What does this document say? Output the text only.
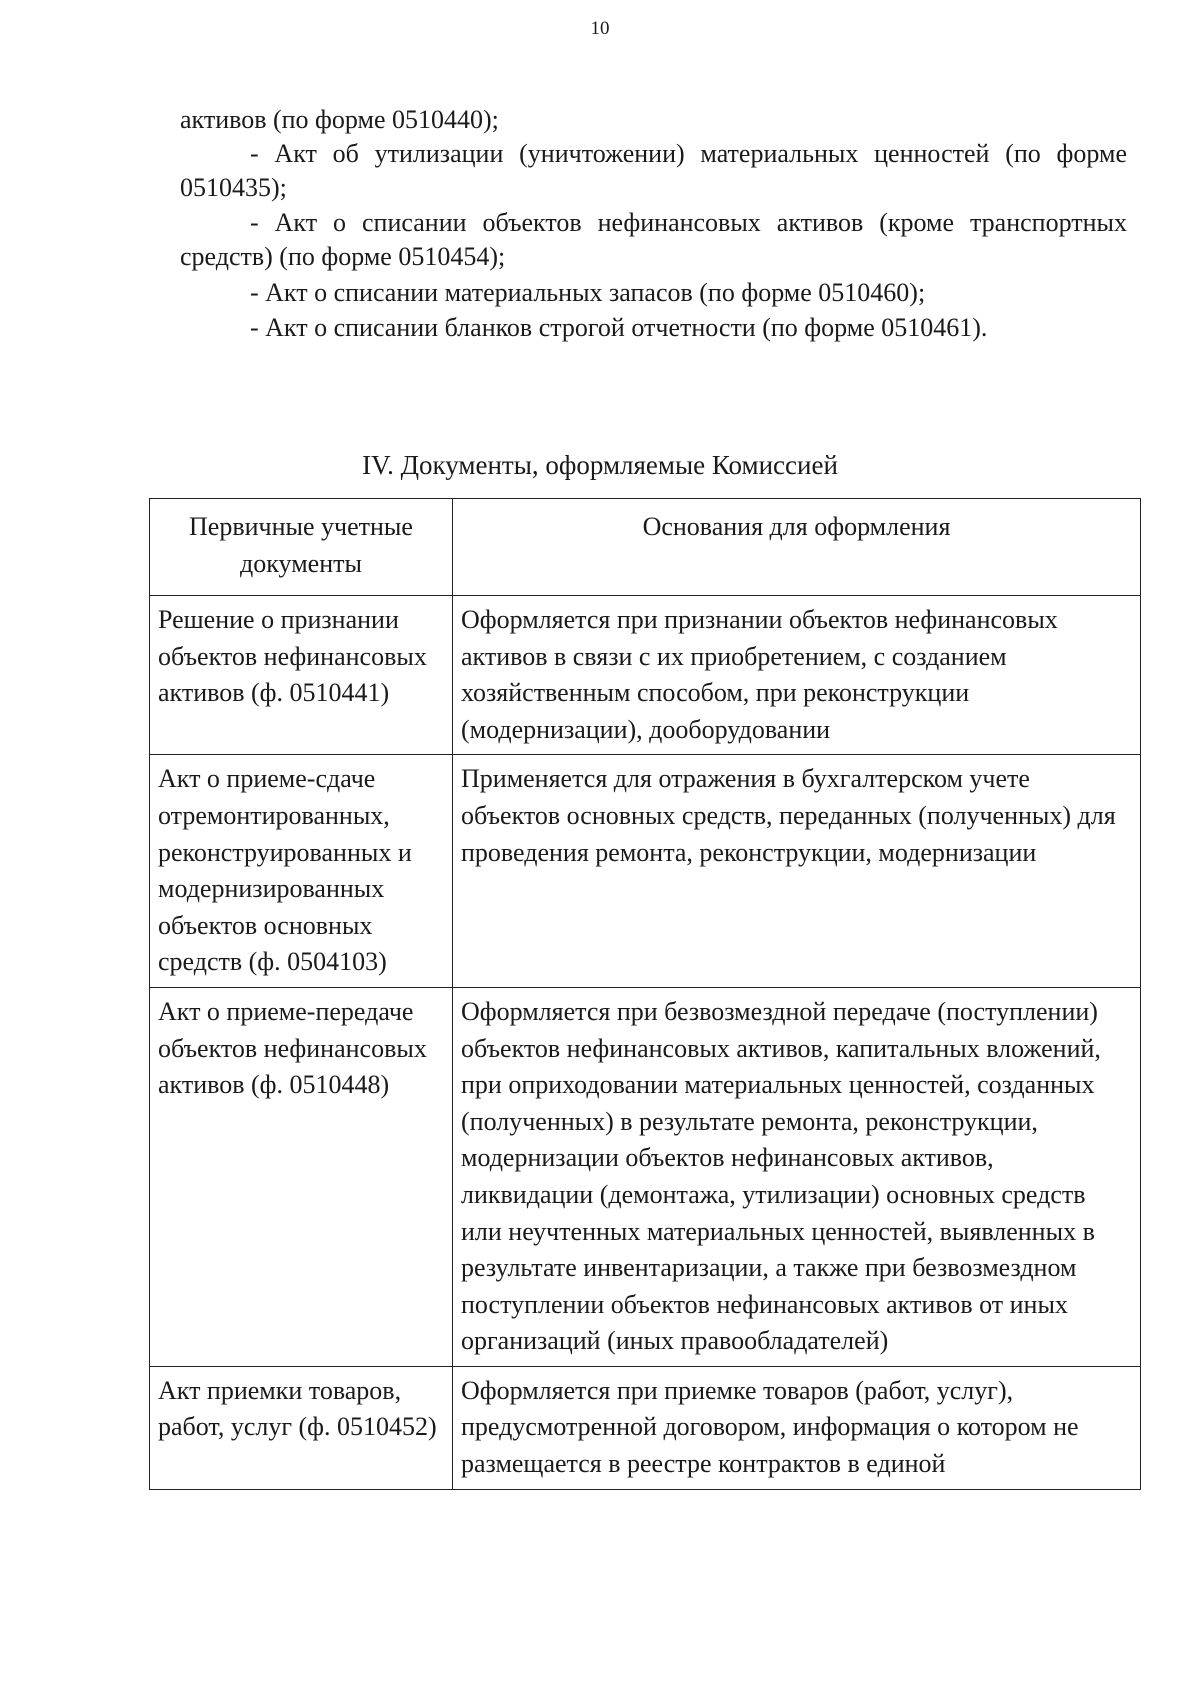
10

активов (по форме 0510440);

- Акт об утилизации (уничтожении) материальных ценностей (по форме 0510435);

- Акт о списании объектов нефинансовых активов (кроме транспортных средств) (по форме 0510454);

- Акт о списании материальных запасов (по форме 0510460);

- Акт о списании бланков строгой отчетности (по форме 0510461).

IV. Документы, оформляемые Комиссией
Первичные учетные документы	Основания для оформления
Решение о признании объектов нефинансовых активов (ф. 0510441)	Оформляется при признании объектов нефинансовых активов в связи с их приобретением, с созданием хозяйственным способом, при реконструкции (модернизации), дооборудовании
Акт о приеме-сдаче отремонтированных, реконструированных и модернизированных объектов основных средств (ф. 0504103)	Применяется для отражения в бухгалтерском учете объектов основных средств, переданных (полученных) для проведения ремонта, реконструкции, модернизации
Акт о приеме-передаче объектов нефинансовых активов (ф. 0510448)	Оформляется при безвозмездной передаче (поступлении) объектов нефинансовых активов, капитальных вложений, при оприходовании материальных ценностей, созданных (полученных) в результате ремонта, реконструкции, модернизации объектов нефинансовых активов, ликвидации (демонтажа, утилизации) основных средств или неучтенных материальных ценностей, выявленных в результате инвентаризации, а также при безвозмездном поступлении объектов нефинансовых активов от иных организаций (иных правообладателей)
Акт приемки товаров, работ, услуг (ф. 0510452)	Оформляется при приемке товаров (работ, услуг), предусмотренной договором, информация о котором не размещается в реестре контрактов в единой
